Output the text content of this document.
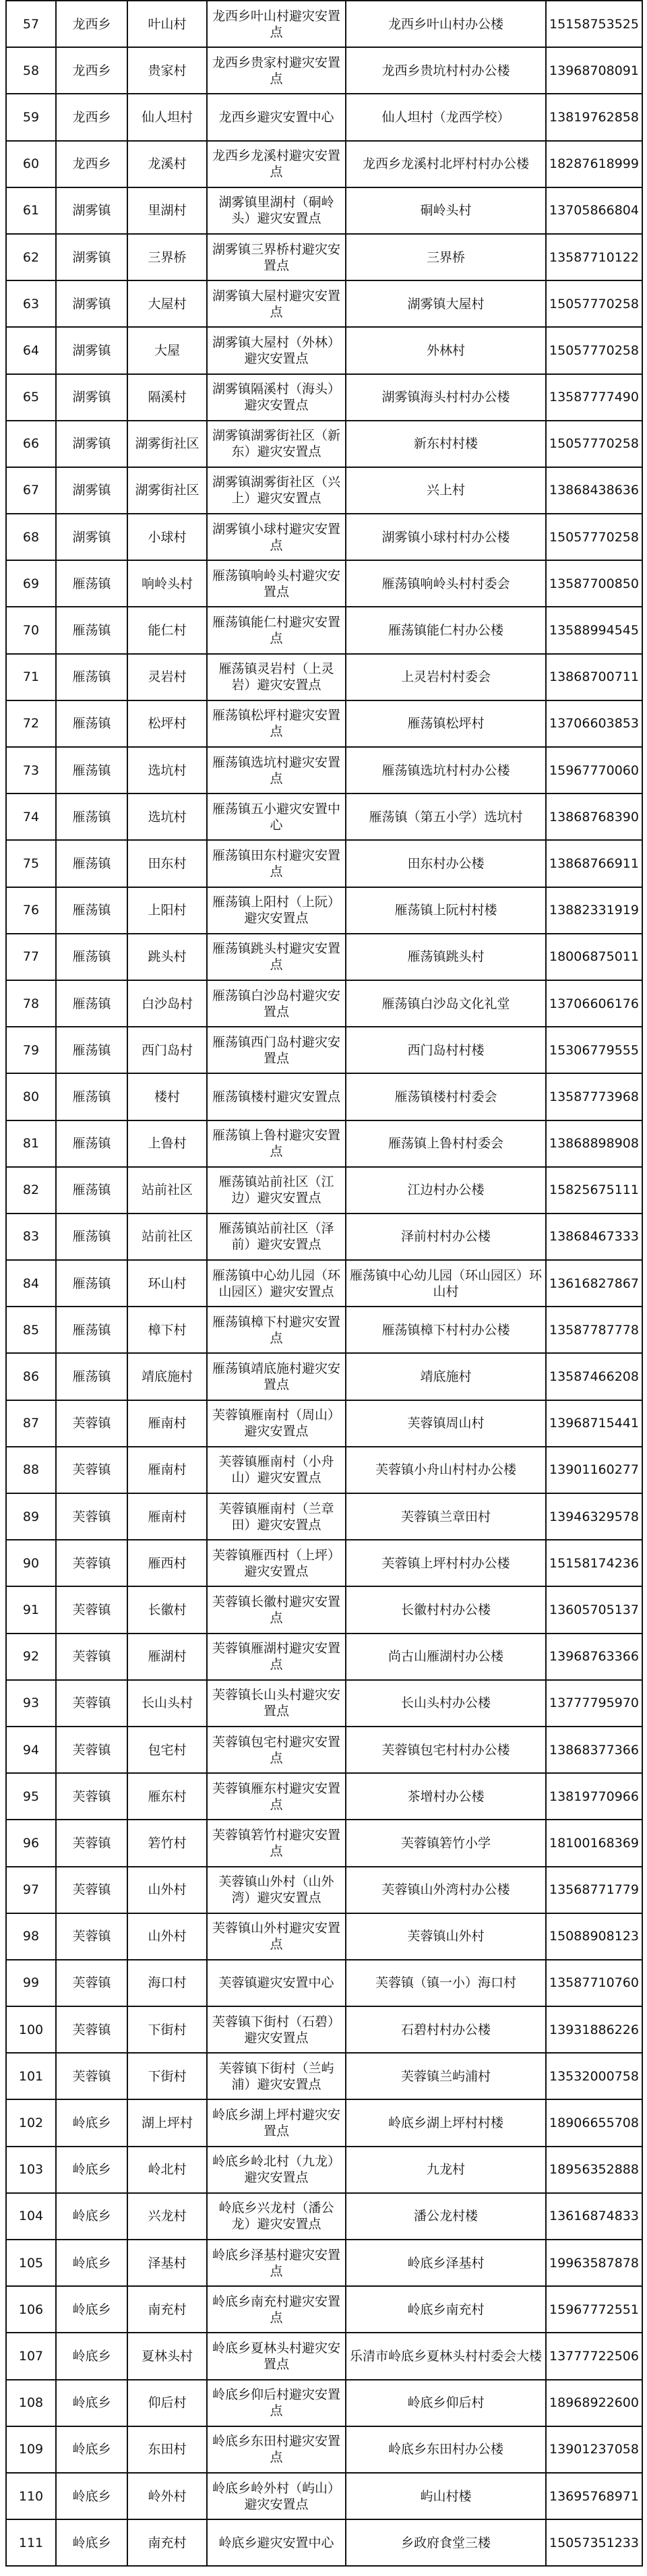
57	龙西乡	叶山村	龙西乡叶山村避灾安置点	龙西乡叶山村办公楼	15158753525
58	龙西乡	贵家村	龙西乡贵家村避灾安置点	龙西乡贵坑村村办公楼	13968708091
59	龙西乡	仙人坦村	龙西乡避灾安置中心	仙人坦村（龙西学校）	13819762858
60	龙西乡	龙溪村	龙西乡龙溪村避灾安置点	龙西乡龙溪村北坪村村办公楼	18287618999
61	湖雾镇	里湖村	湖雾镇里湖村（硐岭头）避灾安置点	硐岭头村	13705866804
62	湖雾镇	三界桥	湖雾镇三界桥村避灾安置点	三界桥	13587710122
63	湖雾镇	大屋村	湖雾镇大屋村避灾安置点	湖雾镇大屋村	15057770258
64	湖雾镇	大屋	湖雾镇大屋村（外林）避灾安置点	外林村	15057770258
65	湖雾镇	隔溪村	湖雾镇隔溪村（海头）避灾安置点	湖雾镇海头村村办公楼	13587777490
66	湖雾镇	湖雾街社区	湖雾镇湖雾街社区（新东）避灾安置点	新东村村楼	15057770258
67	湖雾镇	湖雾街社区	湖雾镇湖雾街社区（兴上）避灾安置点	兴上村	13868438636
68	湖雾镇	小球村	湖雾镇小球村避灾安置点	湖雾镇小球村村办公楼	15057770258
69	雁荡镇	响岭头村	雁荡镇响岭头村避灾安置点	雁荡镇响岭头村村委会	13587700850
70	雁荡镇	能仁村	雁荡镇能仁村避灾安置点	雁荡镇能仁村办公楼	13588994545
71	雁荡镇	灵岩村	雁荡镇灵岩村（上灵岩）避灾安置点	上灵岩村村委会	13868700711
72	雁荡镇	松坪村	雁荡镇松坪村避灾安置点	雁荡镇松坪村	13706603853
73	雁荡镇	选坑村	雁荡镇选坑村避灾安置点	雁荡镇选坑村村办公楼	15967770060
74	雁荡镇	选坑村	雁荡镇五小避灾安置中心	雁荡镇（第五小学）选坑村	13868768390
75	雁荡镇	田东村	雁荡镇田东村避灾安置点	田东村办公楼	13868766911
76	雁荡镇	上阳村	雁荡镇上阳村（上阮）避灾安置点	雁荡镇上阮村村楼	13882331919
77	雁荡镇	跳头村	雁荡镇跳头村避灾安置点	雁荡镇跳头村	18006875011
78	雁荡镇	白沙岛村	雁荡镇白沙岛村避灾安置点	雁荡镇白沙岛文化礼堂	13706606176
79	雁荡镇	西门岛村	雁荡镇西门岛村避灾安置点	西门岛村村楼	15306779555
80	雁荡镇	楼村	雁荡镇楼村避灾安置点	雁荡镇楼村村委会	13587773968
81	雁荡镇	上鲁村	雁荡镇上鲁村避灾安置点	雁荡镇上鲁村村委会	13868898908
82	雁荡镇	站前社区	雁荡镇站前社区（江边）避灾安置点	江边村办公楼	15825675111
83	雁荡镇	站前社区	雁荡镇站前社区（泽前）避灾安置点	泽前村村办公楼	13868467333
84	雁荡镇	环山村	雁荡镇中心幼儿园（环山园区）避灾安置点	雁荡镇中心幼儿园（环山园区）环山村	13616827867
85	雁荡镇	樟下村	雁荡镇樟下村避灾安置点	雁荡镇樟下村村办公楼	13587787778
86	雁荡镇	靖底施村	雁荡镇靖底施村避灾安置点	靖底施村	13587466208
87	芙蓉镇	雁南村	芙蓉镇雁南村（周山）避灾安置点	芙蓉镇周山村	13968715441
88	芙蓉镇	雁南村	芙蓉镇雁南村（小舟山）避灾安置点	芙蓉镇小舟山村村办公楼	13901160277
89	芙蓉镇	雁南村	芙蓉镇雁南村（兰章田）避灾安置点	芙蓉镇兰章田村	13946329578
90	芙蓉镇	雁西村	芙蓉镇雁西村（上坪）避灾安置点	芙蓉镇上坪村村办公楼	15158174236
91	芙蓉镇	长徽村	芙蓉镇长徽村避灾安置点	长徽村村办公楼	13605705137
92	芙蓉镇	雁湖村	芙蓉镇雁湖村避灾安置点	尚古山雁湖村办公楼	13968763366
93	芙蓉镇	长山头村	芙蓉镇长山头村避灾安置点	长山头村办公楼	13777795970
94	芙蓉镇	包宅村	芙蓉镇包宅村避灾安置点	芙蓉镇包宅村村办公楼	13868377366
95	芙蓉镇	雁东村	芙蓉镇雁东村避灾安置点	茶增村办公楼	13819770966
96	芙蓉镇	箬竹村	芙蓉镇箬竹村避灾安置点	芙蓉镇箬竹小学	18100168369
97	芙蓉镇	山外村	芙蓉镇山外村（山外湾）避灾安置点	芙蓉镇山外湾村办公楼	13568771779
98	芙蓉镇	山外村	芙蓉镇山外村避灾安置点	芙蓉镇山外村	15088908123
99	芙蓉镇	海口村	芙蓉镇避灾安置中心	芙蓉镇（镇一小）海口村	13587710760
100	芙蓉镇	下街村	芙蓉镇下街村（石碧）避灾安置点	石碧村村办公楼	13931886226
101	芙蓉镇	下街村	芙蓉镇下街村（兰屿浦）避灾安置点	芙蓉镇兰屿浦村	13532000758
102	岭底乡	湖上坪村	岭底乡湖上坪村避灾安置点	岭底乡湖上坪村村楼	18906655708
103	岭底乡	岭北村	岭底乡岭北村（九龙）避灾安置点	九龙村	18956352888
104	岭底乡	兴龙村	岭底乡兴龙村（潘公龙）避灾安置点	潘公龙村楼	13616874833
105	岭底乡	泽基村	岭底乡泽基村避灾安置点	岭底乡泽基村	19963587878
106	岭底乡	南充村	岭底乡南充村避灾安置点	岭底乡南充村	15967772551
107	岭底乡	夏林头村	岭底乡夏林头村避灾安置点	乐清市岭底乡夏林头村村委会大楼	13777722506
108	岭底乡	仰后村	岭底乡仰后村避灾安置点	岭底乡仰后村	18968922600
109	岭底乡	东田村	岭底乡东田村避灾安置点	岭底乡东田村办公楼	13901237058
110	岭底乡	岭外村	岭底乡岭外村（屿山）避灾安置点	屿山村楼	13695768971
111	岭底乡	南充村	岭底乡避灾安置中心	乡政府食堂三楼	15057351233
